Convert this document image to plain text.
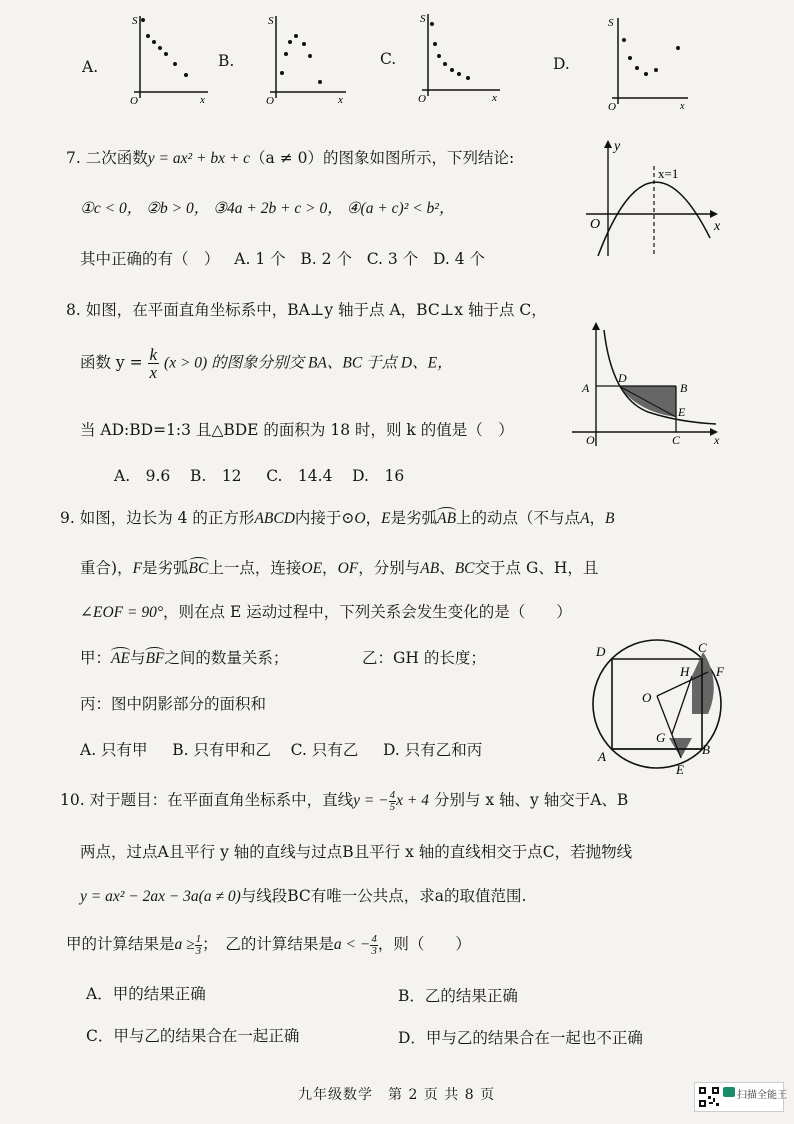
A.
S
x
O
B.
S
x
O
C.
S
x
O
D.
S
x
O
7. 二次函数y = ax² + bx + c（a ≠ 0）的图象如图所示，下列结论:
①c < 0， ②b > 0， ③4a + 2b + c > 0， ④(a + c)² < b²，
其中正确的有（　） A. 1 个 B. 2 个 C. 3 个 D. 4 个
y
x
O
x=1
8. 如图，在平面直角坐标系中，BA⊥y 轴于点 A，BC⊥x 轴于点 C，
函数 $y = \frac{k}{x} (x > 0)$ 的图象分别交 BA、BC 于点 D、E，
当 AD:BD=1:3 且△BDE 的面积为 18 时，则 k 的值是（　）
A.　9.6 B.　12 C.　14.4 D.　16
A
D
B
E
O	C	x
9. 如图，边长为 4 的正方形ABCD内接于⊙O，E是劣弧AB上的动点（不与点A，B
重合)，F是劣弧BC上一点，连接OE，OF，分别与AB、BC交于点 G、H，且
∠EOF = 90°，则在点 E 运动过程中，下列关系会发生变化的是（　　）
甲：AE与BF之间的数量关系；	乙：GH 的长度；
丙：图中阴影部分的面积和
A. 只有甲 B. 只有甲和乙 C. 只有乙 D. 只有乙和丙
D	C
H F
O
G
A	B
E
10. 对于题目：在平面直角坐标系中，直线y = − $\frac{4}{5}$ x + 4 分别与 x 轴、y 轴交于A、B
两点，过点A且平行 y 轴的直线与过点B且平行 x 轴的直线相交于点C，若抛物线
y = ax² − 2ax − 3a(a ≠ 0)与线段BC有唯一公共点，求a的取值范围.
甲的计算结果是$a \ge \frac{1}{3}$ ；　乙的计算结果是a < − $\frac{4}{3}$ ，则（　　）
A．甲的结果正确	B．乙的结果正确
C．甲与乙的结果合在一起正确	D．甲与乙的结果合在一起也不正确
九年级数学　第 2 页 共 8 页	扫描全能王
